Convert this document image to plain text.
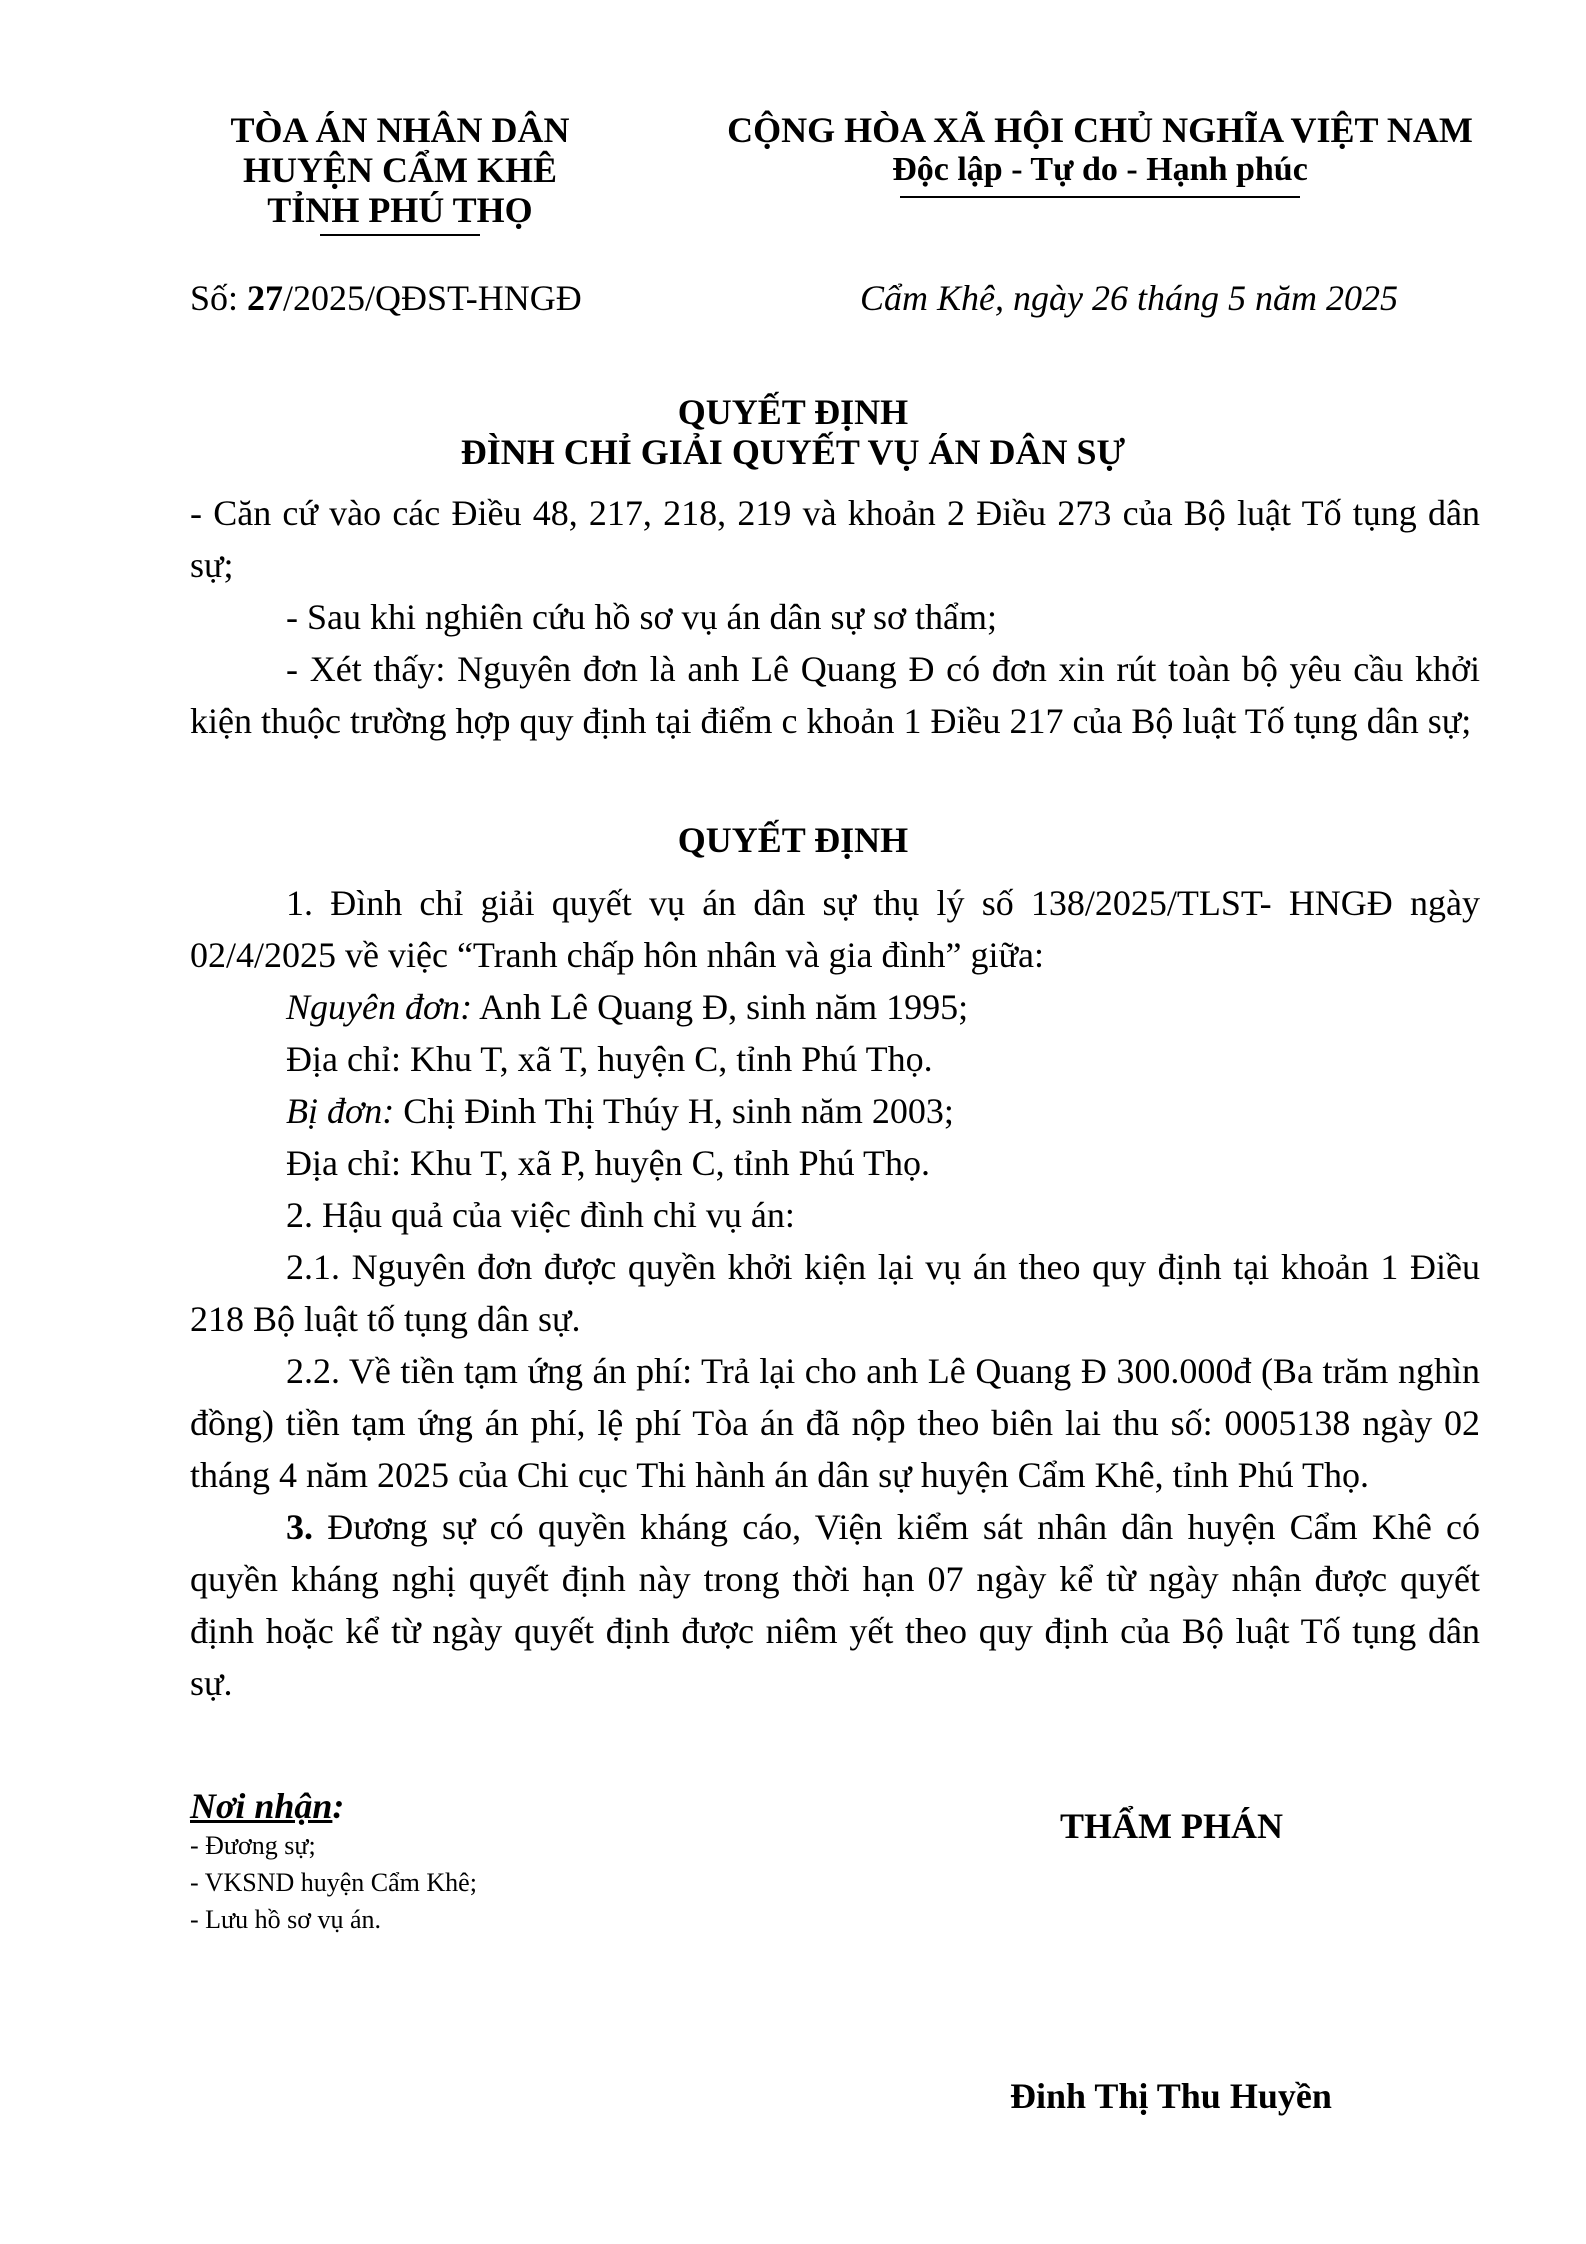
TÒA ÁN NHÂN DÂN
HUYỆN CẨM KHÊ
TỈNH PHÚ THỌ
CỘNG HÒA XÃ HỘI CHỦ NGHĨA VIỆT NAM
Độc lập - Tự do - Hạnh phúc
Số: 27/2025/QĐST-HNGĐ	Cẩm Khê, ngày 26 tháng 5 năm 2025
QUYẾT ĐỊNH
ĐÌNH CHỈ GIẢI QUYẾT VỤ ÁN DÂN SỰ

- Căn cứ vào các Điều 48, 217, 218, 219 và khoản 2 Điều 273 của Bộ luật Tố tụng dân sự;

- Sau khi nghiên cứu hồ sơ vụ án dân sự sơ thẩm;

- Xét thấy: Nguyên đơn là anh Lê Quang Đ có đơn xin rút toàn bộ yêu cầu khởi kiện thuộc trường hợp quy định tại điểm c khoản 1 Điều 217 của Bộ luật Tố tụng dân sự;

QUYẾT ĐỊNH

1. Đình chỉ giải quyết vụ án dân sự thụ lý số 138/2025/TLST- HNGĐ ngày 02/4/2025 về việc “Tranh chấp hôn nhân và gia đình” giữa:

Nguyên đơn: Anh Lê Quang Đ, sinh năm 1995;

Địa chỉ: Khu T, xã T, huyện C, tỉnh Phú Thọ.

Bị đơn: Chị Đinh Thị Thúy H, sinh năm 2003;

Địa chỉ: Khu T, xã P, huyện C, tỉnh Phú Thọ.

2. Hậu quả của việc đình chỉ vụ án:

2.1. Nguyên đơn được quyền khởi kiện lại vụ án theo quy định tại khoản 1 Điều 218 Bộ luật tố tụng dân sự.

2.2. Về tiền tạm ứng án phí: Trả lại cho anh Lê Quang Đ 300.000đ (Ba trăm nghìn đồng) tiền tạm ứng án phí, lệ phí Tòa án đã nộp theo biên lai thu số: 0005138 ngày 02 tháng 4 năm 2025 của Chi cục Thi hành án dân sự huyện Cẩm Khê, tỉnh Phú Thọ.

3. Đương sự có quyền kháng cáo, Viện kiểm sát nhân dân huyện Cẩm Khê có quyền kháng nghị quyết định này trong thời hạn 07 ngày kể từ ngày nhận được quyết định hoặc kể từ ngày quyết định được niêm yết theo quy định của Bộ luật Tố tụng dân sự.

Nơi nhận:
- Đương sự;
- VKSND huyện Cẩm Khê;
- Lưu hồ sơ vụ án.
THẨM PHÁN
Đinh Thị Thu Huyền
